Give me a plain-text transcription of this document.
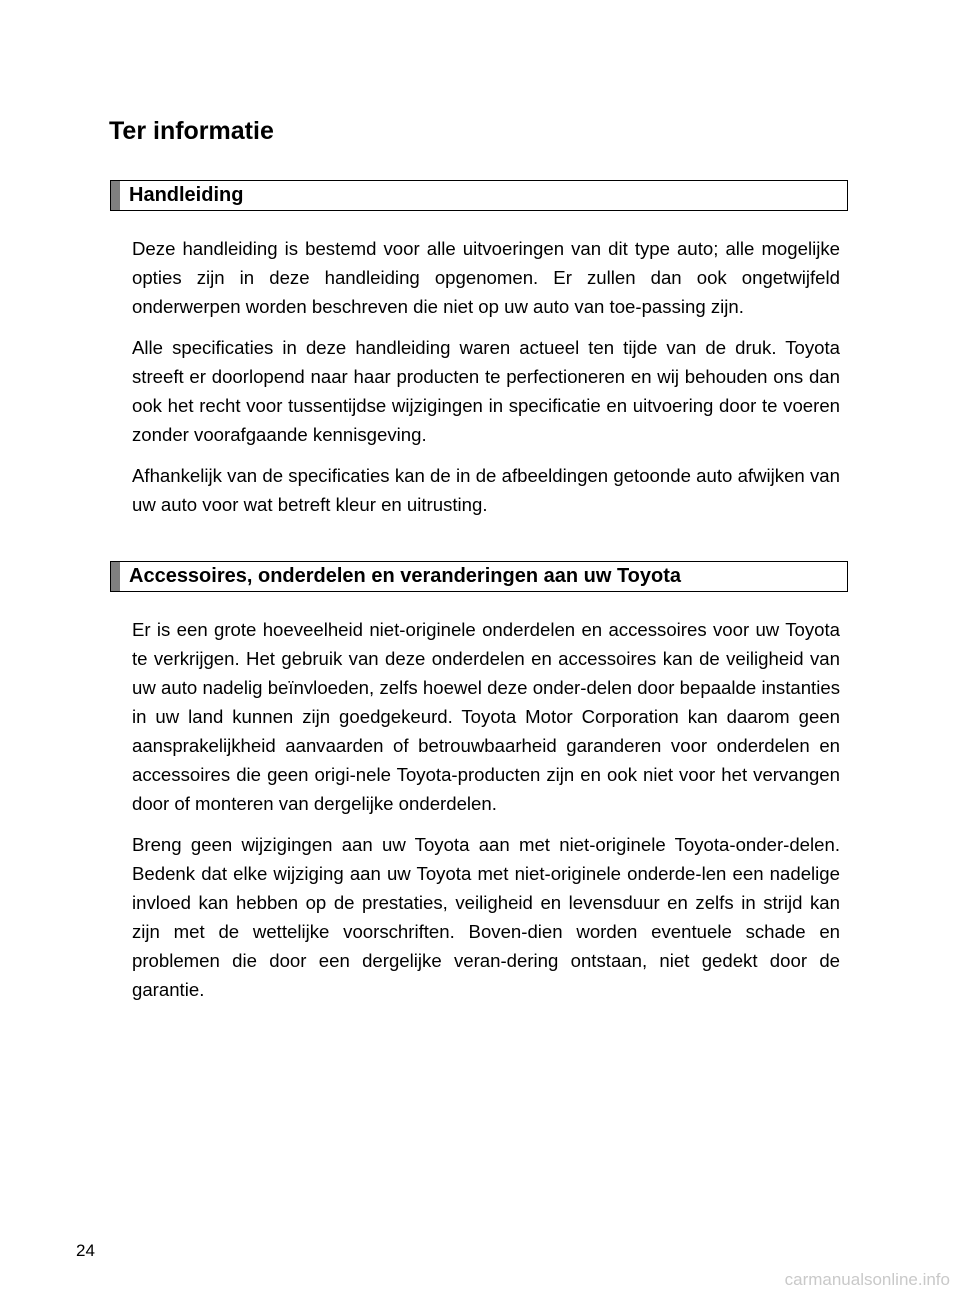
Ter informatie
Handleiding

Deze handleiding is bestemd voor alle uitvoeringen van dit type auto; alle mogelijke opties zijn in deze handleiding opgenomen. Er zullen dan ook ongetwijfeld onderwerpen worden beschreven die niet op uw auto van toe-passing zijn.

Alle specificaties in deze handleiding waren actueel ten tijde van de druk. Toyota streeft er doorlopend naar haar producten te perfectioneren en wij behouden ons dan ook het recht voor tussentijdse wijzigingen in specificatie en uitvoering door te voeren zonder voorafgaande kennisgeving.

Afhankelijk van de specificaties kan de in de afbeeldingen getoonde auto afwijken van uw auto voor wat betreft kleur en uitrusting.

Accessoires, onderdelen en veranderingen aan uw Toyota

Er is een grote hoeveelheid niet-originele onderdelen en accessoires voor uw Toyota te verkrijgen. Het gebruik van deze onderdelen en accessoires kan de veiligheid van uw auto nadelig beïnvloeden, zelfs hoewel deze onder-delen door bepaalde instanties in uw land kunnen zijn goedgekeurd. Toyota Motor Corporation kan daarom geen aansprakelijkheid aanvaarden of betrouwbaarheid garanderen voor onderdelen en accessoires die geen origi-nele Toyota-producten zijn en ook niet voor het vervangen door of monteren van dergelijke onderdelen.

Breng geen wijzigingen aan uw Toyota aan met niet-originele Toyota-onder-delen. Bedenk dat elke wijziging aan uw Toyota met niet-originele onderde-len een nadelige invloed kan hebben op de prestaties, veiligheid en levensduur en zelfs in strijd kan zijn met de wettelijke voorschriften. Boven-dien worden eventuele schade en problemen die door een dergelijke veran-dering ontstaan, niet gedekt door de garantie.

24
carmanualsonline.info
